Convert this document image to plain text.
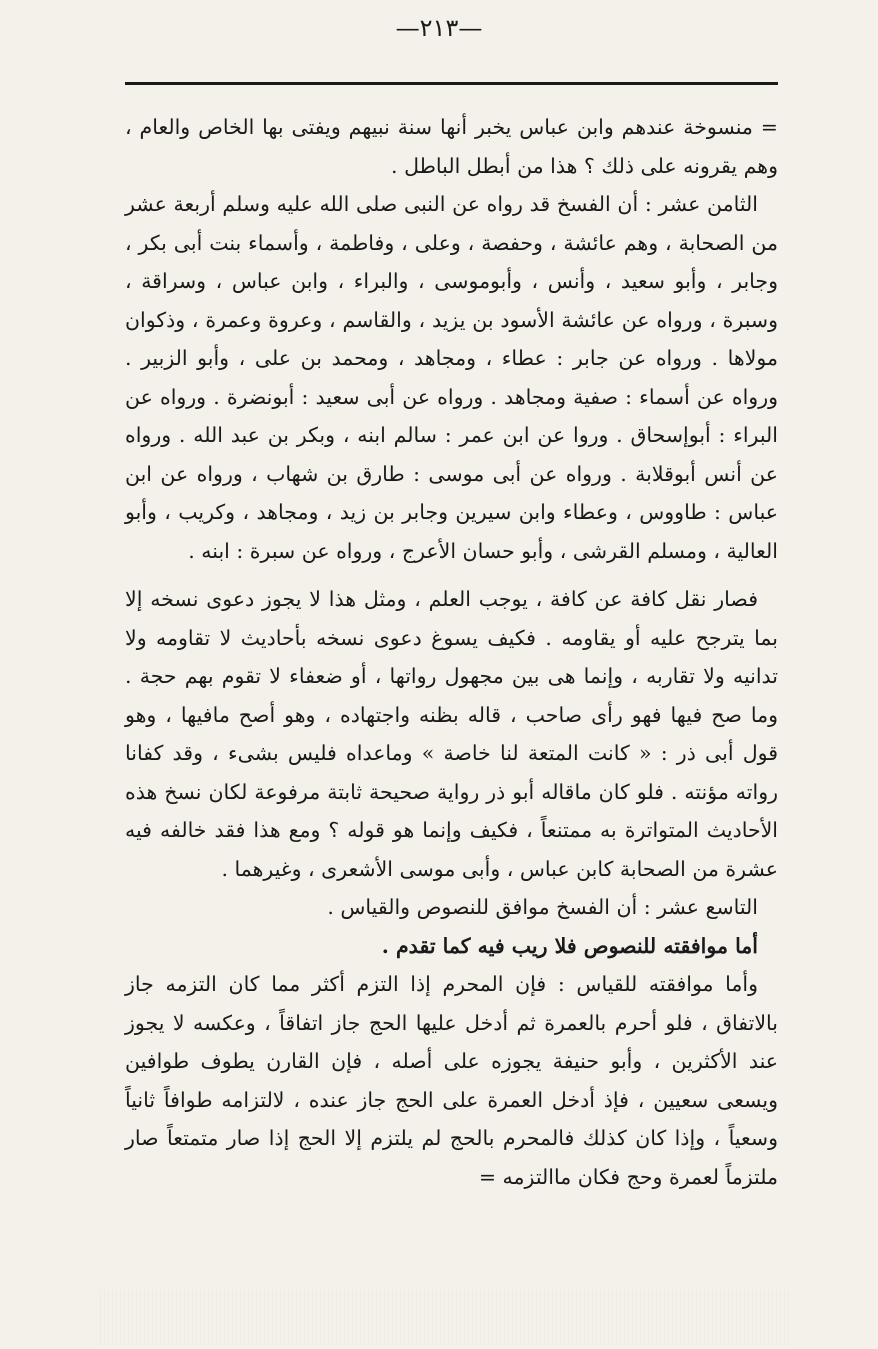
—٢١٣—

= منسوخة عندهم وابن عباس يخبر أنها سنة نبيهم ويفتى بها الخاص والعام ، وهم يقرونه على ذلك ؟ هذا من أبطل الباطل .

الثامن عشر : أن الفسخ قد رواه عن النبى صلى الله عليه وسلم أربعة عشر من الصحابة ، وهم عائشة ، وحفصة ، وعلى ، وفاطمة ، وأسماء بنت أبى بكر ، وجابر ، وأبو سعيد ، وأنس ، وأبوموسى ، والبراء ، وابن عباس ، وسراقة ، وسبرة ، ورواه عن عائشة الأسود بن يزيد ، والقاسم ، وعروة وعمرة ، وذكوان مولاها . ورواه عن جابر : عطاء ، ومجاهد ، ومحمد بن على ، وأبو الزبير . ورواه عن أسماء : صفية ومجاهد . ورواه عن أبى سعيد : أبونضرة . ورواه عن البراء : أبوإسحاق . وروا عن ابن عمر : سالم ابنه ، وبكر بن عبد الله . ورواه عن أنس أبوقلابة . ورواه عن أبى موسى : طارق بن شهاب ، ورواه عن ابن عباس : طاووس ، وعطاء وابن سيرين وجابر بن زيد ، ومجاهد ، وكريب ، وأبو العالية ، ومسلم القرشى ، وأبو حسان الأعرج ، ورواه عن سبرة : ابنه .

فصار نقل كافة عن كافة ، يوجب العلم ، ومثل هذا لا يجوز دعوى نسخه إلا بما يترجح عليه أو يقاومه . فكيف يسوغ دعوى نسخه بأحاديث لا تقاومه ولا تدانيه ولا تقاربه ، وإنما هى بين مجهول رواتها ، أو ضعفاء لا تقوم بهم حجة . وما صح فيها فهو رأى صاحب ، قاله بظنه واجتهاده ، وهو أصح مافيها ، وهو قول أبى ذر : « كانت المتعة لنا خاصة » وماعداه فليس بشىء ، وقد كفانا رواته مؤنته . فلو كان ماقاله أبو ذر رواية صحيحة ثابتة مرفوعة لكان نسخ هذه الأحاديث المتواترة به ممتنعاً ، فكيف وإنما هو قوله ؟ ومع هذا فقد خالفه فيه عشرة من الصحابة كابن عباس ، وأبى موسى الأشعرى ، وغيرهما .

التاسع عشر : أن الفسخ موافق للنصوص والقياس .

أما موافقته للنصوص فلا ريب فيه كما تقدم .

وأما موافقته للقياس : فإن المحرم إذا التزم أكثر مما كان التزمه جاز بالاتفاق ، فلو أحرم بالعمرة ثم أدخل عليها الحج جاز اتفاقاً ، وعكسه لا يجوز عند الأكثرين ، وأبو حنيفة يجوزه على أصله ، فإن القارن يطوف طوافين ويسعى سعيين ، فإذ أدخل العمرة على الحج جاز عنده ، لالتزامه طوافاً ثانياً وسعياً ، وإذا كان كذلك فالمحرم بالحج لم يلتزم إلا الحج إذا صار متمتعاً صار ملتزماً لعمرة وحج فكان ماالتزمه =
